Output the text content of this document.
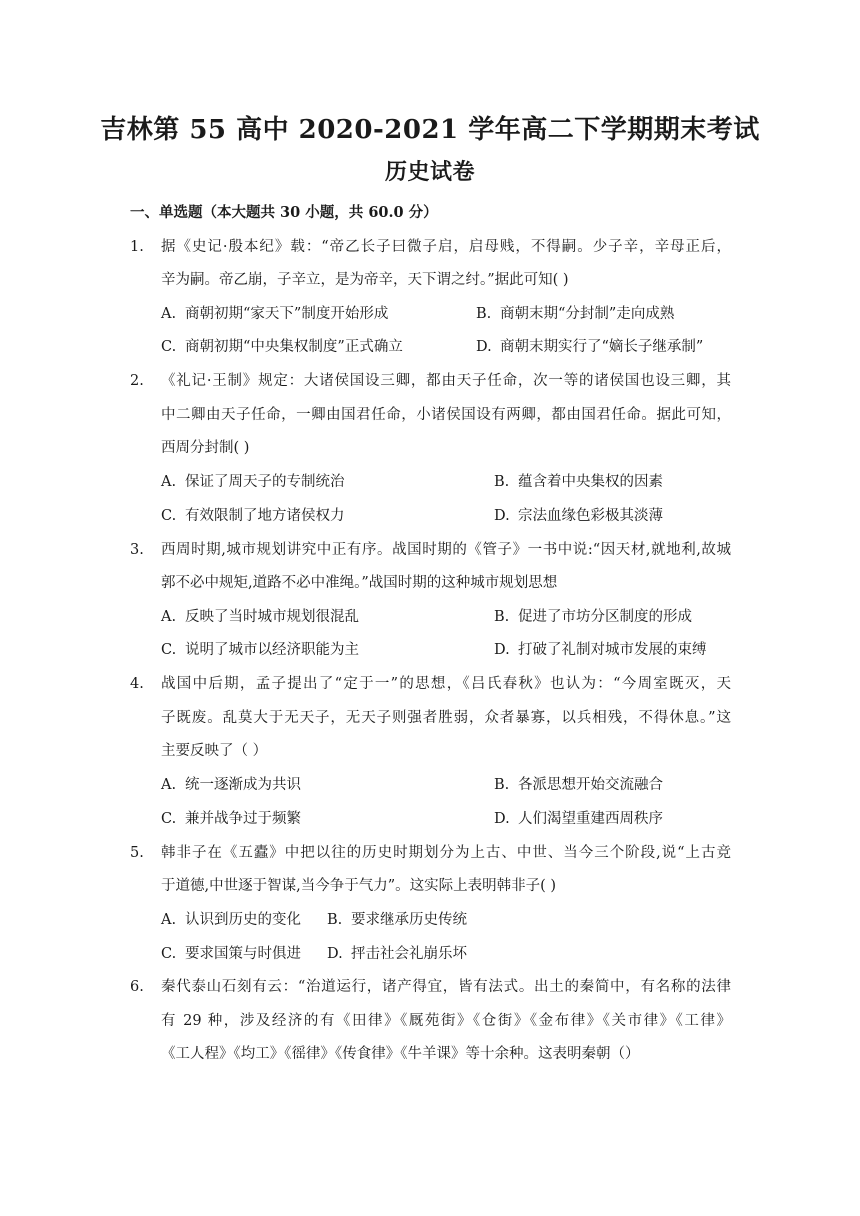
吉林第 55 高中 2020-2021 学年高二下学期期末考试
历史试卷
一、单选题（本大题共 30 小题，共 60.0 分）
1. 据《史记·殷本纪》载：“帝乙长子曰微子启，启母贱，不得嗣。少子辛，辛母正后，
辛为嗣。帝乙崩，子辛立，是为帝辛，天下谓之纣。”据此可知( )
A. 商朝初期“家天下”制度开始形成	B. 商朝末期“分封制”走向成熟
C. 商朝初期“中央集权制度”正式确立	D. 商朝末期实行了“嫡长子继承制”
2. 《礼记·王制》规定：大诸侯国设三卿，都由天子任命，次一等的诸侯国也设三卿，其
中二卿由天子任命，一卿由国君任命，小诸侯国设有两卿，都由国君任命。据此可知，
西周分封制( )
A. 保证了周天子的专制统治	B. 蕴含着中央集权的因素
C. 有效限制了地方诸侯权力	D. 宗法血缘色彩极其淡薄
3. 西周时期,城市规划讲究中正有序。战国时期的《管子》一书中说:“因天材,就地利,故城
郭不必中规矩,道路不必中准绳。”战国时期的这种城市规划思想
A. 反映了当时城市规划很混乱	B. 促进了市坊分区制度的形成
C. 说明了城市以经济职能为主	D. 打破了礼制对城市发展的束缚
4. 战国中后期，孟子提出了“定于一”的思想，《吕氏春秋》也认为：“今周室既灭，天
子既废。乱莫大于无天子，无天子则强者胜弱，众者暴寡，以兵相残，不得休息。”这
主要反映了（ ）
A. 统一逐渐成为共识	B. 各派思想开始交流融合
C. 兼并战争过于频繁	D. 人们渴望重建西周秩序
5. 韩非子在《五蠹》中把以往的历史时期划分为上古、中世、当今三个阶段,说“上古竞
于道德,中世逐于智谋,当今争于气力”。这实际上表明韩非子( )
A. 认识到历史的变化 B. 要求继承历史传统
C. 要求国策与时俱进 D. 抨击社会礼崩乐坏
6. 秦代泰山石刻有云：“治道运行，诸产得宜，皆有法式。出土的秦简中，有名称的法律
有 29 种，涉及经济的有《田律》《厩苑街》《仓街》《金布律》《关市律》《工律》
《工人程》《均工》《徭律》《传食律》《牛羊课》等十余种。这表明秦朝（）
